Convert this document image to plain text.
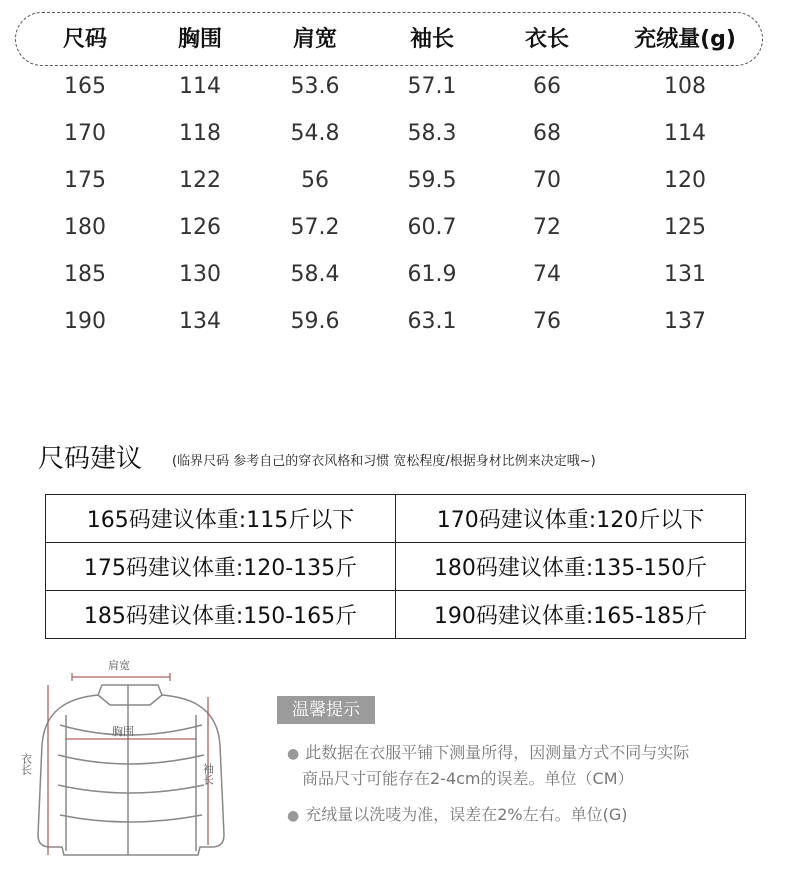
尺码	胸围	肩宽	袖长	衣长	充绒量(g)
165	114	53.6	57.1	66	108
170	118	54.8	58.3	68	114
175	122	56	59.5	70	120
180	126	57.2	60.7	72	125
185	130	58.4	61.9	74	131
190	134	59.6	63.1	76	137
尺码建议 (临界尺码 参考自己的穿衣风格和习惯 宽松程度/根据身材比例来决定哦~)
165码建议体重:115斤以下	170码建议体重:120斤以下
175码建议体重:120-135斤	180码建议体重:135-150斤
185码建议体重:150-165斤	190码建议体重:165-185斤
肩宽
胸围
衣长	袖长
温馨提示
● 此数据在衣服平铺下测量所得，因测量方式不同与实际
商品尺寸可能存在2-4cm的误差。单位（CM）
● 充绒量以洗唛为准，误差在2%左右。单位(G)
